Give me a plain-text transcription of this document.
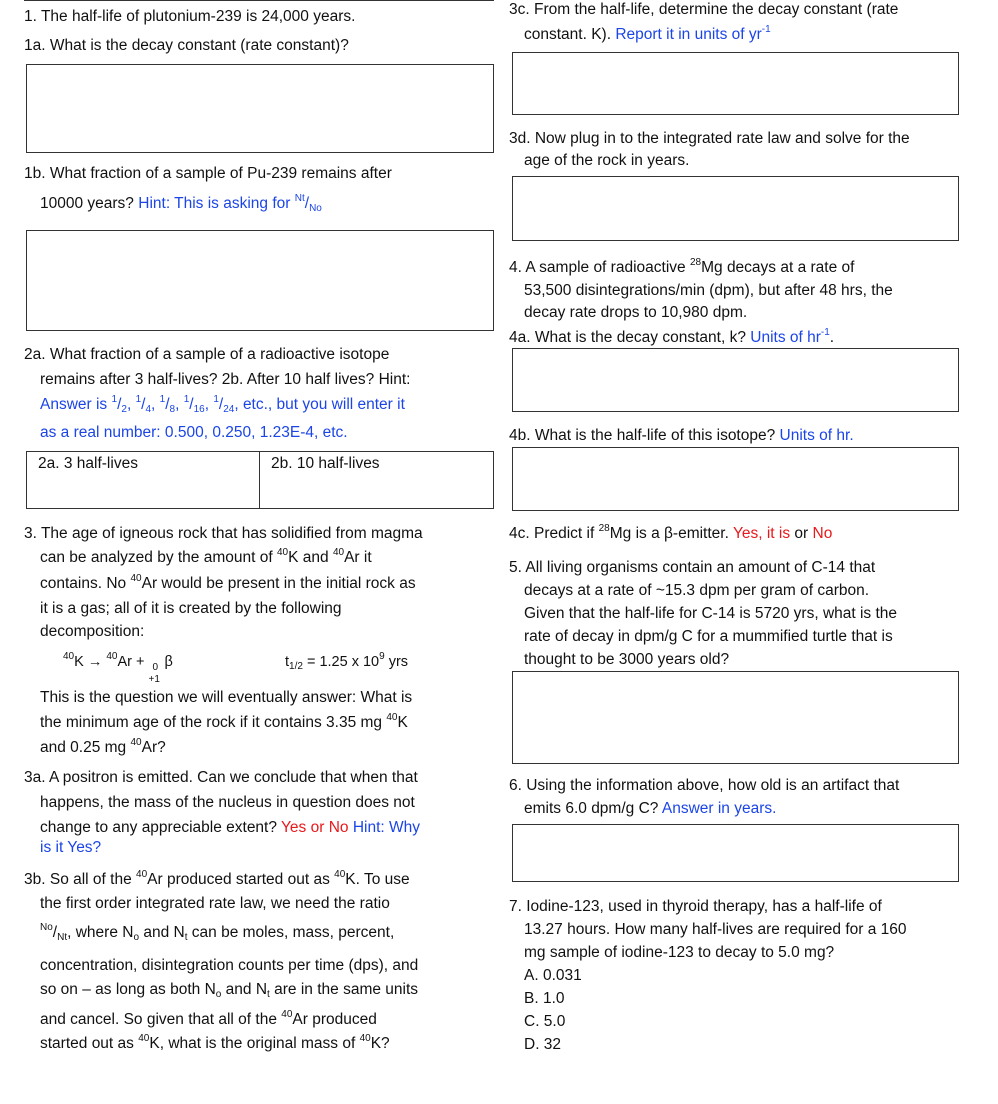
1. The half-life of plutonium-239 is 24,000 years.
1a. What is the decay constant (rate constant)?
1b. What fraction of a sample of Pu-239 remains after
10000 years? Hint: This is asking for $^{Nt}/_{No}$
2a. What fraction of a sample of a radioactive isotope
remains after 3 half-lives? 2b. After 10 half lives? Hint:
Answer is $^1/_2$, $^1/_4$, $^1/_8$, $^1/_{16}$, $^1/_{24}$, etc., but you will enter it
as a real number: 0.500, 0.250, 1.23E-4, etc.
2a. 3 half-lives	2b. 10 half-lives
3. The age of igneous rock that has solidified from magma
can be analyzed by the amount of $^{40}$K and $^{40}$Ar it
contains. No $^{40}$Ar would be present in the initial rock as
it is a gas; all of it is created by the following
decomposition:
$^{40}$K → $^{40}$Ar + 0
+1
β	$t_{1/2} = 1.25$ x $10^9$ yrs
This is the question we will eventually answer: What is
the minimum age of the rock if it contains 3.35 mg $^{40}$K
and 0.25 mg $^{40}$Ar?
3a. A positron is emitted. Can we conclude that when that
happens, the mass of the nucleus in question does not
change to any appreciable extent? Yes or No Hint: Why
is it Yes?
3b. So all of the $^{40}$Ar produced started out as $^{40}$K. To use
the first order integrated rate law, we need the ratio
$^{No}/_{Nt}$, where $N_o$ and $N_t$ can be moles, mass, percent,
concentration, disintegration counts per time (dps), and
so on – as long as both $N_o$ and $N_t$ are in the same units
and cancel. So given that all of the $^{40}$Ar produced
started out as $^{40}$K, what is the original mass of $^{40}$K?
3c. From the half-life, determine the decay constant (rate
constant. K). Report it in units of $yr^{-1}$
3d. Now plug in to the integrated rate law and solve for the
age of the rock in years.
4. A sample of radioactive $^{28}$Mg decays at a rate of
53,500 disintegrations/min (dpm), but after 48 hrs, the
decay rate drops to 10,980 dpm.
4a. What is the decay constant, k? Units of $hr^{-1}$.
4b. What is the half-life of this isotope? Units of hr.
4c. Predict if $^{28}$Mg is a β-emitter. Yes, it is or No
5. All living organisms contain an amount of C-14 that
decays at a rate of ~15.3 dpm per gram of carbon.
Given that the half-life for C-14 is 5720 yrs, what is the
rate of decay in dpm/g C for a mummified turtle that is
thought to be 3000 years old?
6. Using the information above, how old is an artifact that
emits 6.0 dpm/g C? Answer in years.
7. Iodine-123, used in thyroid therapy, has a half-life of
13.27 hours. How many half-lives are required for a 160
mg sample of iodine-123 to decay to 5.0 mg?
A. 0.031
B. 1.0
C. 5.0
D. 32
